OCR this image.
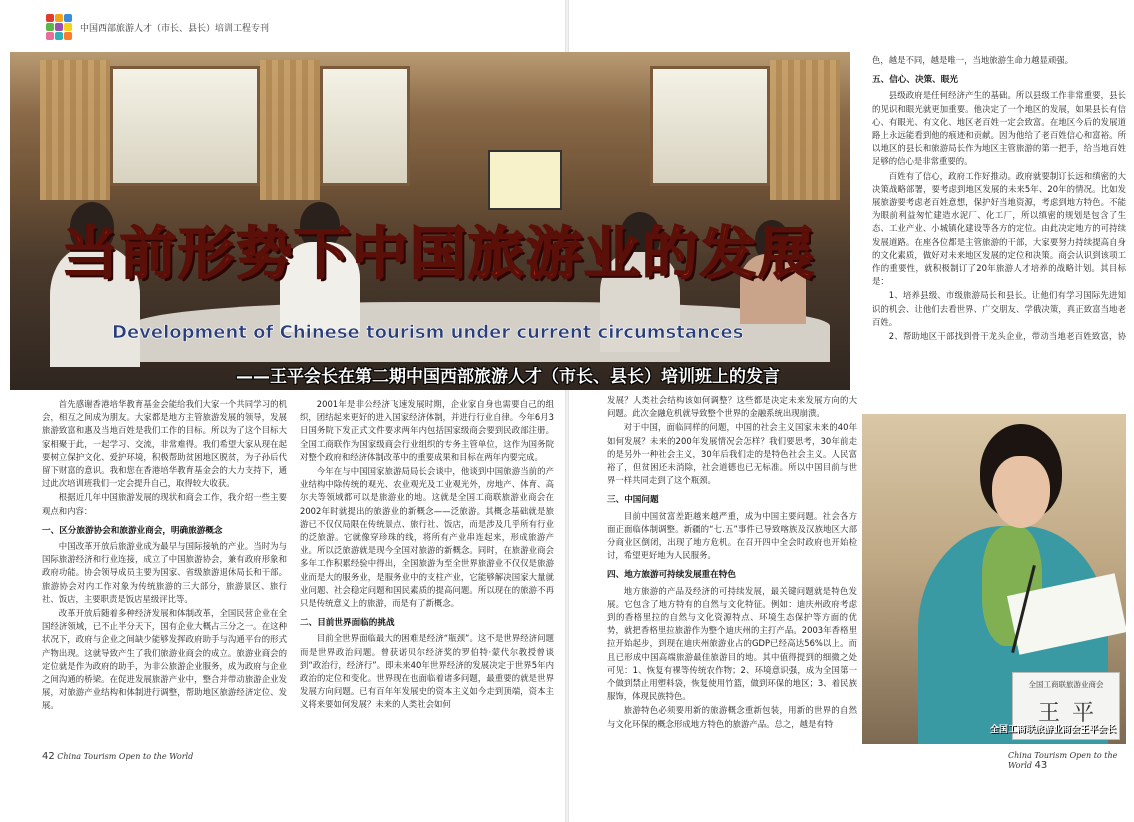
中国西部旅游人才（市长、县长）培训工程专刊
当前形势下中国旅游业的发展
Development of Chinese tourism under current circumstances
——王平会长在第二期中国西部旅游人才（市长、县长）培训班上的发言

首先感谢香港培华教育基金会能给我们大家一个共同学习的机会，相互之间成为朋友。大家都是地方主管旅游发展的领导，发展旅游致富和惠及当地百姓是我们工作的目标。所以为了这个目标大家相聚于此，一起学习、交流，非常难得。我们希望大家从现在起要树立保护文化、爱护环境，积极帮助贫困地区脱贫，为子孙后代留下财富的意识。我和您在香港培华教育基金会的大力支持下，通过此次培训班我们一定会提升自己，取得较大收获。

根据近几年中国旅游发展的现状和商会工作，我介绍一些主要观点和内容：

一、区分旅游协会和旅游业商会，明确旅游概念

中国改革开放后旅游业成为最早与国际接轨的产业。当时为与国际旅游经济和行业连接，成立了中国旅游协会，兼有政府形象和政府功能。协会领导成员主要为国家、省级旅游退休局长和干部。旅游协会对内工作对象为传统旅游的三大部分，旅游景区、旅行社、饭店，主要职责是饭店星级评比等。

改革开放后随着多种经济发展和体制改革，全国民营企业在全国经济领域，已不止半分天下，国有企业大概占三分之一。在这种状况下，政府与企业之间缺少能够发挥政府助手与沟通平台的形式产物出现。这就导致产生了我们旅游业商会的成立。旅游业商会的定位就是作为政府的助手，为非公旅游企业服务，成为政府与企业之间沟通的桥梁。在促进发展旅游产业中，整合并带动旅游企业发展，对旅游产业结构和体制进行调整，帮助地区旅游经济定位、发展。

2001年是非公经济飞速发展时期，企业家自身也需要自己的组织，团结起来更好的进入国家经济体制，并进行行业自律。今年6月3日国务院下发正式文件要求两年内包括国家级商会要到民政部注册。全国工商联作为国家级商会行业组织的专务主管单位，这作为国务院对整个政府和经济体制改革中的重要成果和目标在两年内要完成。

今年在与中国国家旅游局局长会谈中，他谈到中国旅游当前的产业结构中除传统的观光、农业观光及工业观光外，房地产、体育、高尔夫等领域都可以是旅游业的地。这就是全国工商联旅游业商会在2002年时就提出的旅游业的新概念——泛旅游。其概念基础就是旅游已不仅仅局限在传统景点、旅行社、饭店，而是涉及几乎所有行业的泛旅游。它就像穿珍珠的线，将所有产业串连起来，形成旅游产业。所以泛旅游就是现今全国对旅游的新概念。同时，在旅游业商会多年工作积累经验中得出，全国旅游为至全世界旅游业不仅仅是旅游业而是大的服务业，是服务业中的支柱产业，它能够解决国家大量就业问题、社会稳定问题和国民素质的提高问题。所以现在的旅游不再只是传统意义上的旅游，而是有了新概念。

二、目前世界面临的挑战

目前全世界面临最大的困难是经济“瓶颈”。这不是世界经济问题而是世界政治问题。曾获诺贝尔经济奖的罗伯特·蒙代尔教授曾谈到“政治行，经济行”。即未来40年世界经济的发展决定于世界5年内政治的定位和变化。世界现在也面临着诸多问题，最重要的就是世界发展方向问题。已有百年年发展史的资本主义如今走到顶端，资本主义将来要如何发展？未来的人类社会如何

发展？人类社会结构该如何调整？这些都是决定未来发展方向的大问题。此次金融危机就导致整个世界的金融系统出现崩溃。

对于中国，面临同样的问题，中国的社会主义国家未来的40年如何发展？未来的200年发展情况会怎样？我们要思考，30年前走的是另外一种社会主义，30年后我们走的是特色社会主义。人民富裕了，但贫困还未消除，社会道德也已无标准。所以中国目前与世界一样共同走到了这个瓶颈。

三、中国问题

目前中国贫富差距越来越严重，成为中国主要问题。社会各方面正面临体制调整。新疆的“七.五”事件已导致喀族及汉族地区大部分商业区倒闭，出现了地方危机。在召开四中全会时政府也开始检讨，希望更好地为人民服务。

四、地方旅游可持续发展重在特色

地方旅游的产品及经济的可持续发展，最关键问题就是特色发展。它包含了地方特有的自然与文化特征。例如：迪庆州政府考虑到的香格里拉的自然与文化资源特点、环境生态保护等方面的优势，就把香格里拉旅游作为整个迪庆州的主打产品。2003年香格里拉开始起步，到现在迪庆州旅游业占的GDP已经高达56%以上。而且已形成中国高端旅游最佳旅游目的地。其中值得提到的细微之处可见：1、恢复有裸等传统农作物；2、环境意识强，成为全国第一个做到禁止用塑料袋，恢复使用竹篮，做到环保的地区；3、着民族服饰，体现民族特色。

旅游特色必须要用新的旅游概念重新包装，用新的世界的自然与文化环保的概念形成地方特色的旅游产品。总之，越是有特

色，越是不同，越是唯一，当地旅游生命力越显顽强。

五、信心、决策、眼光

县级政府是任何经济产生的基础。所以县级工作非常重要，县长的见识和眼光就更加重要。他决定了一个地区的发展，如果县长有信心、有眼光、有文化、地区老百姓一定会致富。在地区今后的发展道路上永远能看到他的痕迹和贡献。因为他给了老百姓信心和富裕。所以地区的县长和旅游局长作为地区主管旅游的第一把手，给当地百姓足够的信心是非常重要的。

百姓有了信心，政府工作好推动。政府就要制订长远和缜密的大决策战略部署，要考虑到地区发展的未来5年、20年的情况。比如发展旅游要考虑老百姓意想，保护好当地资源，考虑到地方特色。不能为眼前利益匆忙建造水泥厂、化工厂，所以缜密的规划是包含了生态、工业产业、小城镇化建设等各方的定位。由此决定地方的可持续发展道路。在座各位都是主管旅游的干部，大家要努力持续提高自身的文化素质，做好对未来地区发展的定位和决策。商会认识到该项工作的重要性，就积极制订了20年旅游人才培养的战略计划。其目标是：

1、培养县级、市级旅游局长和县长。让他们有学习国际先进知识的机会、让他们去看世界、广交朋友、学俄决策，真正致富当地老百姓。

2、帮助地区干部找到骨干龙头企业，带动当地老百姓致富，协

全国工商联旅游业商会
王平
全国工商联旅游业商会王平会长
42 China Tourism Open to the World	China Tourism Open to the World 43
